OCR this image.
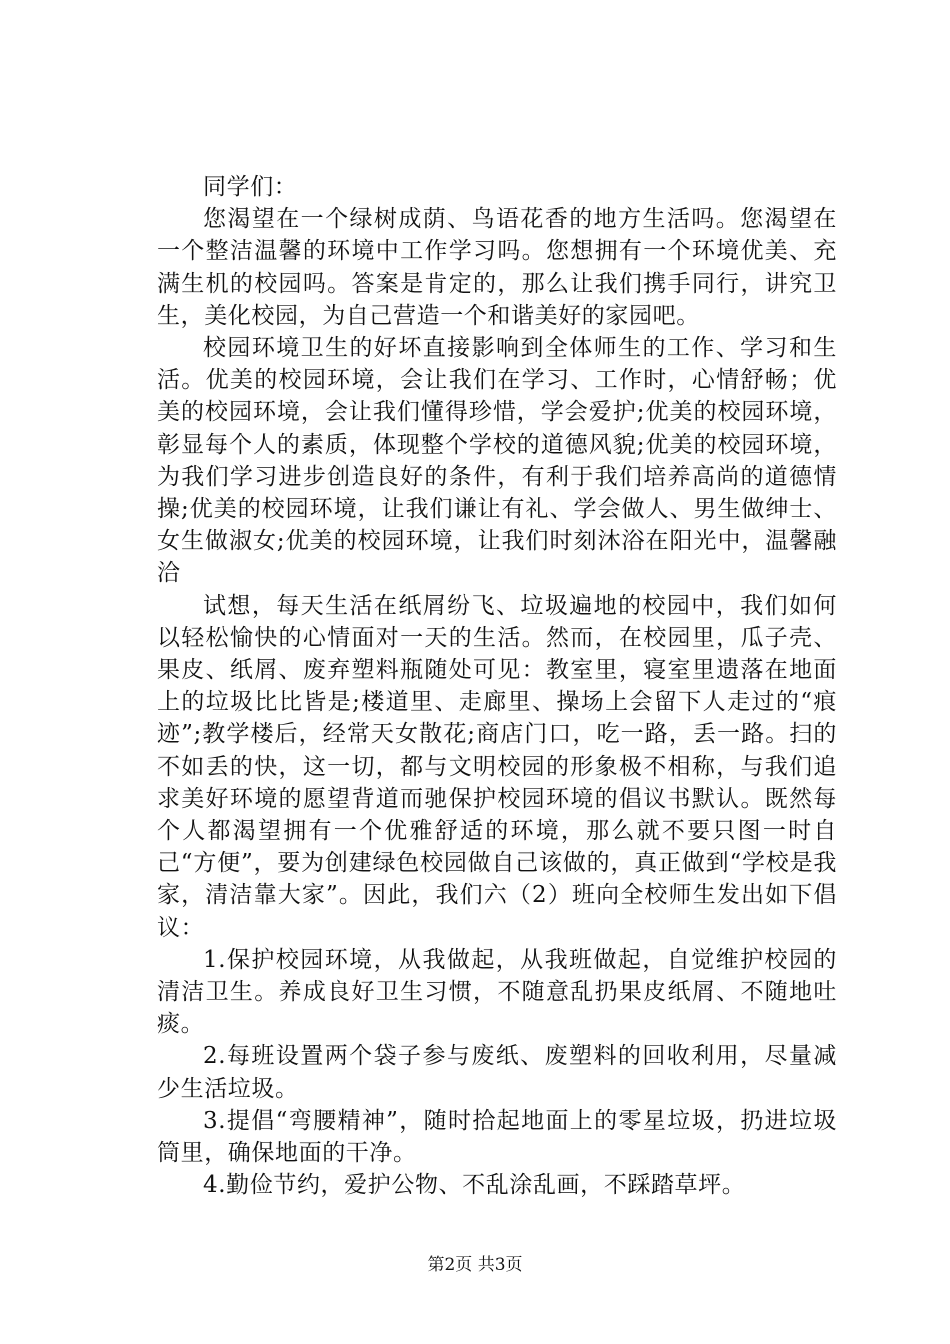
同学们：

您渴望在一个绿树成荫、鸟语花香的地方生活吗。您渴望在一个整洁温馨的环境中工作学习吗。您想拥有一个环境优美、充满生机的校园吗。答案是肯定的，那么让我们携手同行，讲究卫生，美化校园，为自己营造一个和谐美好的家园吧。

校园环境卫生的好坏直接影响到全体师生的工作、学习和生活。优美的校园环境，会让我们在学习、工作时，心情舒畅；优美的校园环境，会让我们懂得珍惜，学会爱护;优美的校园环境，彰显每个人的素质，体现整个学校的道德风貌;优美的校园环境，为我们学习进步创造良好的条件，有利于我们培养高尚的道德情操;优美的校园环境，让我们谦让有礼、学会做人、男生做绅士、女生做淑女;优美的校园环境，让我们时刻沐浴在阳光中，温馨融洽

试想，每天生活在纸屑纷飞、垃圾遍地的校园中，我们如何以轻松愉快的心情面对一天的生活。然而，在校园里，瓜子壳、果皮、纸屑、废弃塑料瓶随处可见：教室里，寝室里遗落在地面上的垃圾比比皆是;楼道里、走廊里、操场上会留下人走过的“痕迹”;教学楼后，经常天女散花;商店门口，吃一路，丢一路。扫的不如丢的快，这一切，都与文明校园的形象极不相称，与我们追求美好环境的愿望背道而驰保护校园环境的倡议书默认。既然每个人都渴望拥有一个优雅舒适的环境，那么就不要只图一时自己“方便”，要为创建绿色校园做自己该做的，真正做到“学校是我家，清洁靠大家”。因此，我们六（2）班向全校师生发出如下倡议：

1.保护校园环境，从我做起，从我班做起，自觉维护校园的清洁卫生。养成良好卫生习惯，不随意乱扔果皮纸屑、不随地吐痰。

2.每班设置两个袋子参与废纸、废塑料的回收利用，尽量减少生活垃圾。

3.提倡“弯腰精神”，随时拾起地面上的零星垃圾，扔进垃圾筒里，确保地面的干净。

4.勤俭节约，爱护公物、不乱涂乱画，不踩踏草坪。

第2页 共3页
